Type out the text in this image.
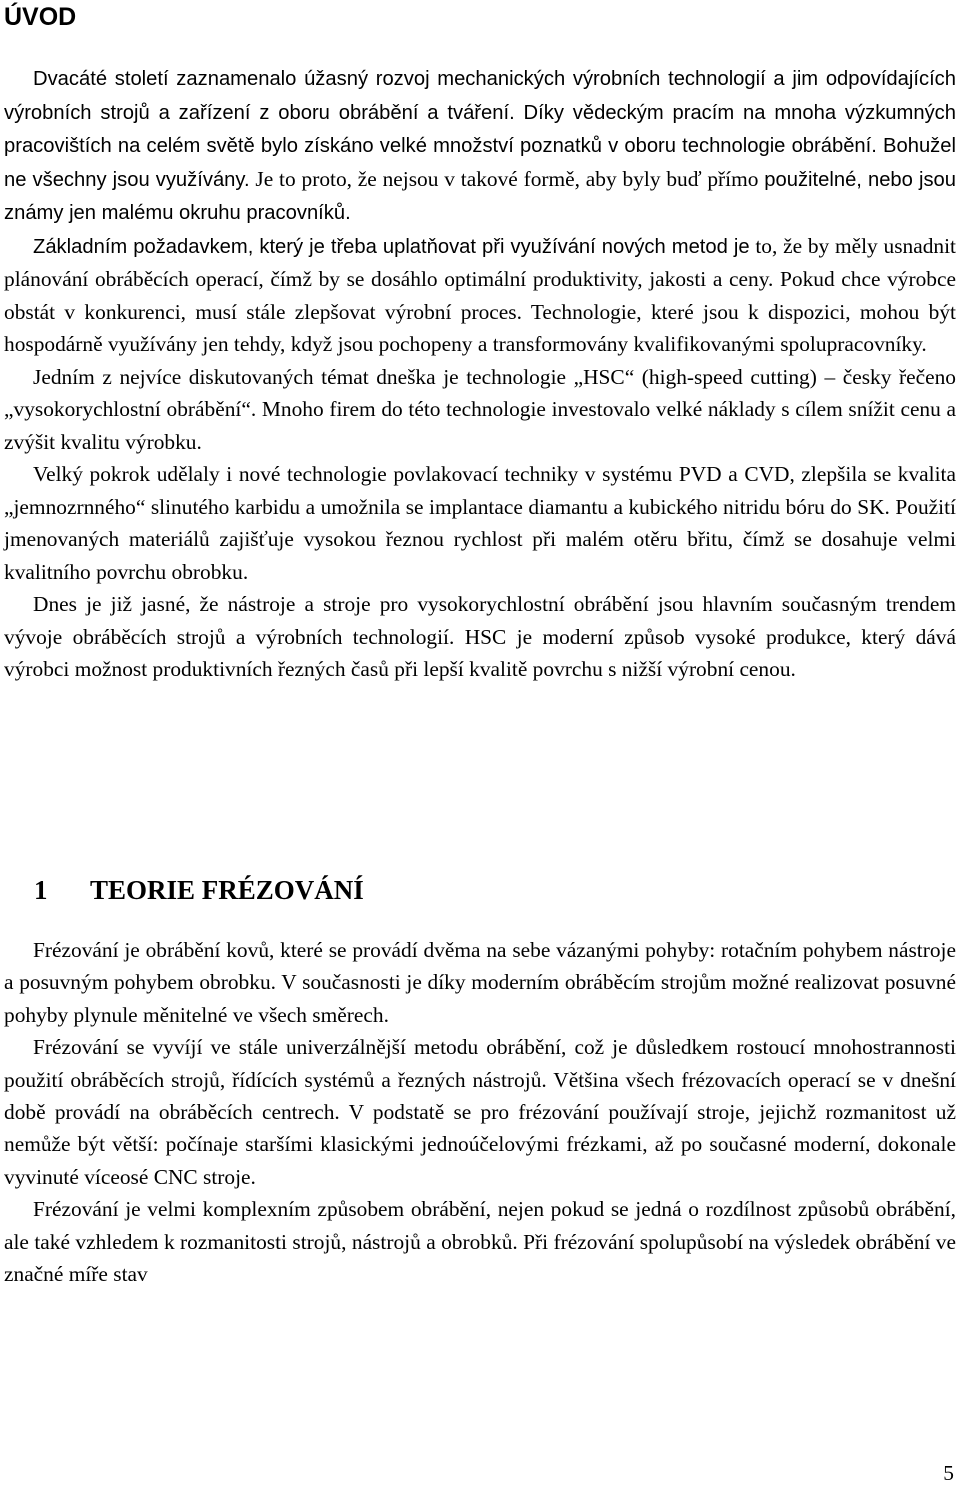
ÚVOD

Dvacáté století zaznamenalo úžasný rozvoj mechanických výrobních technologií a jim odpovídajících výrobních strojů a zařízení z oboru obrábění a tváření. Díky vědeckým pracím na mnoha výzkumných pracovištích na celém světě bylo získáno velké množství poznatků v oboru technologie obrábění. Bohužel ne všechny jsou využívány. Je to proto, že nejsou v takové formě, aby byly buď přímo použitelné, nebo jsou známy jen malému okruhu pracovníků.

Základním požadavkem, který je třeba uplatňovat při využívání nových metod je to, že by měly usnadnit plánování obráběcích operací, čímž by se dosáhlo optimální produktivity, jakosti a ceny. Pokud chce výrobce obstát v konkurenci, musí stále zlepšovat výrobní proces. Technologie, které jsou k dispozici, mohou být hospodárně využívány jen tehdy, když jsou pochopeny a transformovány kvalifikovanými spolupracovníky.

Jedním z nejvíce diskutovaných témat dneška je technologie „HSC“ (high-speed cutting) – česky řečeno „vysokorychlostní obrábění“. Mnoho firem do této technologie investovalo velké náklady s cílem snížit cenu a zvýšit kvalitu výrobku.

Velký pokrok udělaly i nové technologie povlakovací techniky v systému PVD a CVD, zlepšila se kvalita „jemnozrnného“ slinutého karbidu a umožnila se implantace diamantu a kubického nitridu bóru do SK. Použití jmenovaných materiálů zajišťuje vysokou řeznou rychlost při malém otěru břitu, čímž se dosahuje velmi kvalitního povrchu obrobku.

Dnes je již jasné, že nástroje a stroje pro vysokorychlostní obrábění jsou hlavním současným trendem vývoje obráběcích strojů a výrobních technologií. HSC je moderní způsob vysoké produkce, který dává výrobci možnost produktivních řezných časů při lepší kvalitě povrchu s nižší výrobní cenou.

1 TEORIE FRÉZOVÁNÍ

Frézování je obrábění kovů, které se provádí dvěma na sebe vázanými pohyby: rotačním pohybem nástroje a posuvným pohybem obrobku. V současnosti je díky moderním obráběcím strojům možné realizovat posuvné pohyby plynule měnitelné ve všech směrech.

Frézování se vyvíjí ve stále univerzálnější metodu obrábění, což je důsledkem rostoucí mnohostrannosti použití obráběcích strojů, řídících systémů a řezných nástrojů. Většina všech frézovacích operací se v dnešní době provádí na obráběcích centrech. V podstatě se pro frézování používají stroje, jejichž rozmanitost už nemůže být větší: počínaje staršími klasickými jednoúčelovými frézkami, až po současné moderní, dokonale vyvinuté víceosé CNC stroje.

Frézování je velmi komplexním způsobem obrábění, nejen pokud se jedná o rozdílnost způsobů obrábění, ale také vzhledem k rozmanitosti strojů, nástrojů a obrobků. Při frézování spolupůsobí na výsledek obrábění ve značné míře stav

5
